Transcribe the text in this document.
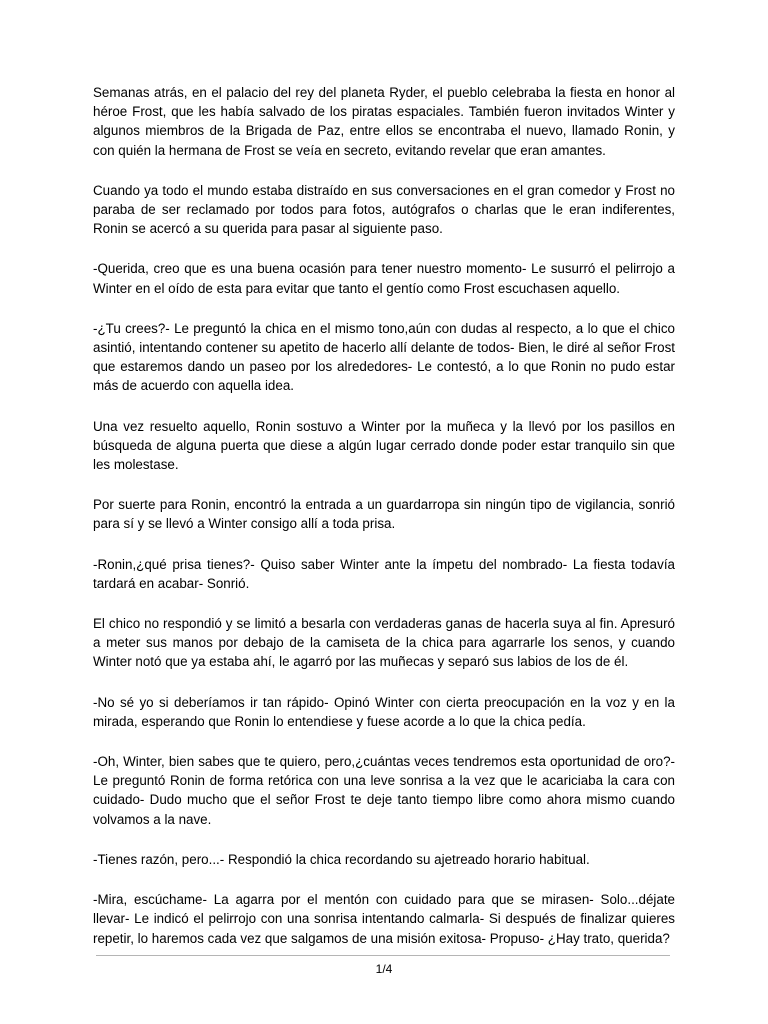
Semanas atrás, en el palacio del rey del planeta Ryder, el pueblo celebraba la fiesta en honor al héroe Frost, que les había salvado de los piratas espaciales. También fueron invitados Winter y algunos miembros de la Brigada de Paz, entre ellos se encontraba el nuevo, llamado Ronin, y con quién la hermana de Frost se veía en secreto, evitando revelar que eran amantes.

Cuando ya todo el mundo estaba distraído en sus conversaciones en el gran comedor y Frost no paraba de ser reclamado por todos para fotos, autógrafos o charlas que le eran indiferentes, Ronin se acercó a su querida para pasar al siguiente paso.

-Querida, creo que es una buena ocasión para tener nuestro momento- Le susurró el pelirrojo a Winter en el oído de esta para evitar que tanto el gentío como Frost escuchasen aquello.

-¿Tu crees?- Le preguntó la chica en el mismo tono,aún con dudas al respecto, a lo que el chico asintió, intentando contener su apetito de hacerlo allí delante de todos- Bien, le diré al señor Frost que estaremos dando un paseo por los alrededores- Le contestó, a lo que Ronin no pudo estar más de acuerdo con aquella idea.

Una vez resuelto aquello, Ronin sostuvo a Winter por la muñeca y la llevó por los pasillos en búsqueda de alguna puerta que diese a algún lugar cerrado donde poder estar tranquilo sin que les molestase.

Por suerte para Ronin, encontró la entrada a un guardarropa sin ningún tipo de vigilancia, sonrió para sí y se llevó a Winter consigo allí a toda prisa.

-Ronin,¿qué prisa tienes?- Quiso saber Winter ante la ímpetu del nombrado- La fiesta todavía tardará en acabar- Sonrió.

El chico no respondió y se limitó a besarla con verdaderas ganas de hacerla suya al fin. Apresuró a meter sus manos por debajo de la camiseta de la chica para agarrarle los senos, y cuando Winter notó que ya estaba ahí, le agarró por las muñecas y separó sus labios de los de él.

-No sé yo si deberíamos ir tan rápido- Opinó Winter con cierta preocupación en la voz y en la mirada, esperando que Ronin lo entendiese y fuese acorde a lo que la chica pedía.

-Oh, Winter, bien sabes que te quiero, pero,¿cuántas veces tendremos esta oportunidad de oro?- Le preguntó Ronin de forma retórica con una leve sonrisa a la vez que le acariciaba la cara con cuidado- Dudo mucho que el señor Frost te deje tanto tiempo libre como ahora mismo cuando volvamos a la nave.

-Tienes razón, pero...- Respondió la chica recordando su ajetreado horario habitual.

-Mira, escúchame- La agarra por el mentón con cuidado para que se mirasen- Solo...déjate llevar- Le indicó el pelirrojo con una sonrisa intentando calmarla- Si después de finalizar quieres repetir, lo haremos cada vez que salgamos de una misión exitosa- Propuso- ¿Hay trato, querida?

1/4
